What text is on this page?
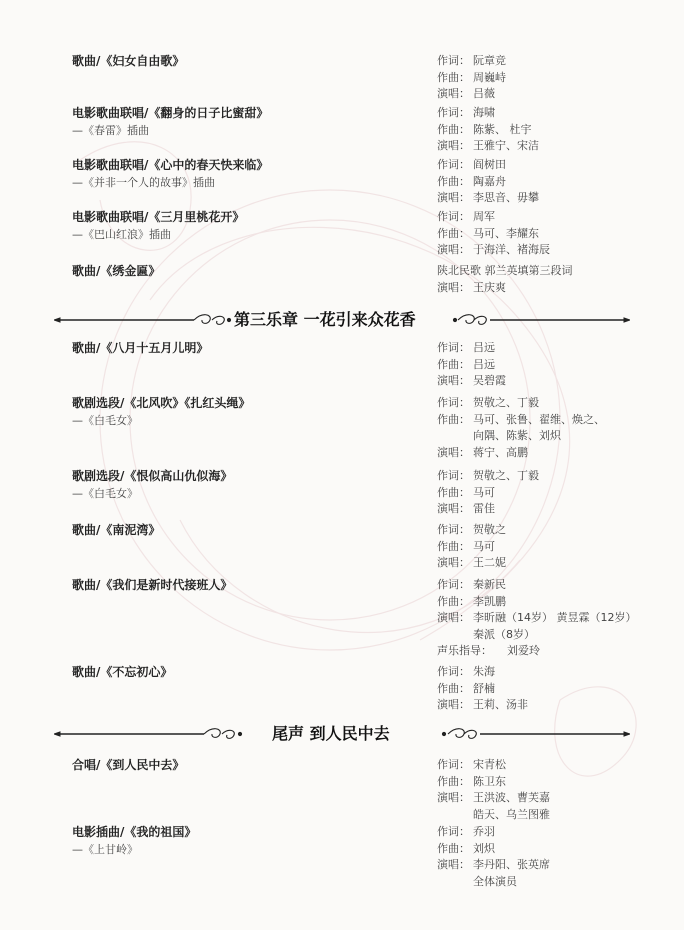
歌曲/《妇女自由歌》	作词： 阮章竞
作曲： 周巍峙
演唱： 吕薇
电影歌曲联唱/《翻身的日子比蜜甜》
—《春雷》插曲
作词： 海啸
作曲： 陈紫、 杜宇
演唱： 王雅宁、宋洁
电影歌曲联唱/《心中的春天快来临》
—《并非一个人的故事》插曲
作词： 阎树田
作曲： 陶嘉舟
演唱： 李思音、毋攀
电影歌曲联唱/《三月里桃花开》
—《巴山红浪》插曲
作词： 周军
作曲： 马可、李耀东
演唱： 于海洋、褚海辰
歌曲/《绣金匾》	陕北民歌 郭兰英填第三段词
演唱： 王庆爽
第三乐章 一花引来众花香
歌曲/《八月十五月儿明》	作词： 吕远
作曲： 吕远
演唱： 吴碧霞
歌剧选段/《北风吹》《扎红头绳》
—《白毛女》
作词： 贺敬之、丁毅
作曲： 马可、张鲁、翟维、焕之、
向隅、陈紫、刘炽
演唱： 蒋宁、高鹏
歌剧选段/《恨似高山仇似海》
—《白毛女》
作词： 贺敬之、丁毅
作曲： 马可
演唱： 雷佳
歌曲/《南泥湾》	作词： 贺敬之
作曲： 马可
演唱： 王二妮
歌曲/《我们是新时代接班人》	作词： 秦新民
作曲： 李凯鹏
演唱： 李昕融（14岁） 黄昱霖（12岁）
秦派（8岁）
声乐指导： 刘爱玲
歌曲/《不忘初心》	作词： 朱海
作曲： 舒楠
演唱： 王莉、汤非
尾声 到人民中去
合唱/《到人民中去》	作词： 宋青松
作曲： 陈卫东
演唱： 王洪波、曹芙嘉
皓天、乌兰图雅
电影插曲/《我的祖国》
—《上甘岭》
作词： 乔羽
作曲： 刘炽
演唱： 李丹阳、张英席
全体演员
